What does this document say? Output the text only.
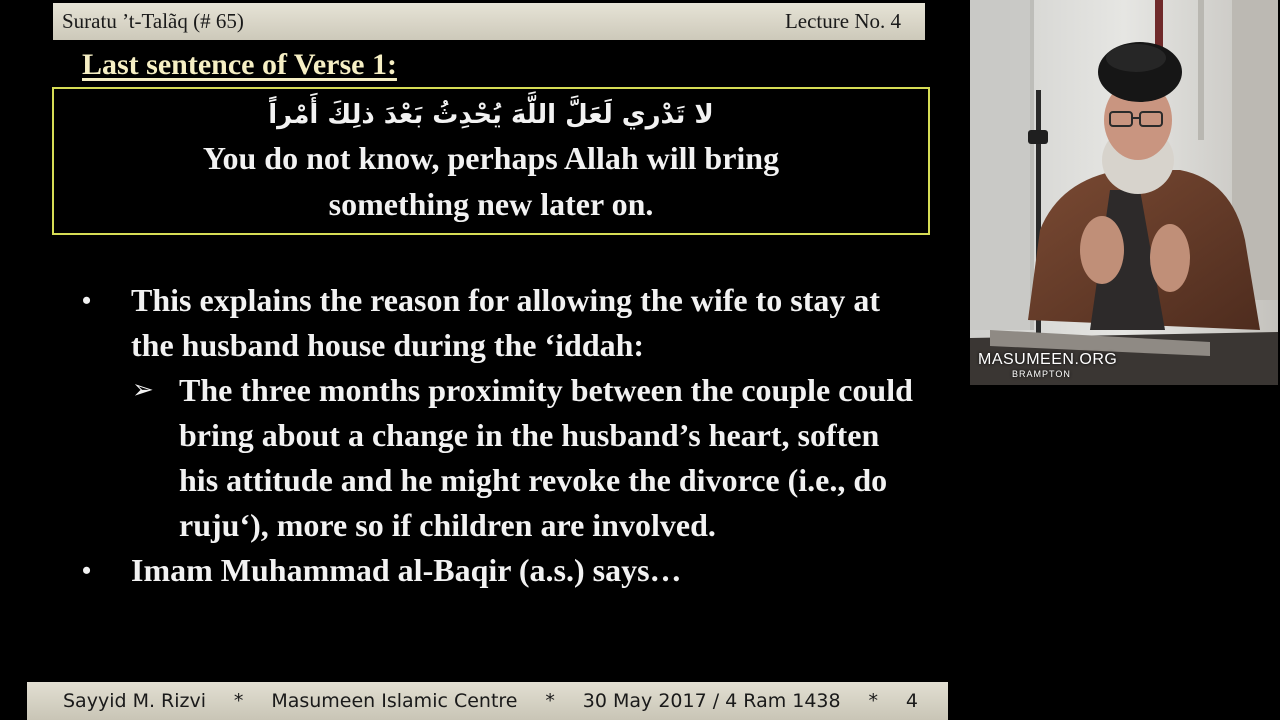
Suratu ’t-Talãq (# 65)	Lecture No. 4
Last sentence of Verse 1:
لا تَدْري لَعَلَّ اللَّهَ يُحْدِثُ بَعْدَ ذلِكَ أَمْراً
You do not know, perhaps Allah will bring something new later on.
• This explains the reason for allowing the wife to stay at the husband house during the ‘iddah:
➢ The three months proximity between the couple could bring about a change in the husband’s heart, soften his attitude and he might revoke the divorce (i.e., do ruju‘), more so if children are involved.
• Imam Muhammad al-Baqir (a.s.) says…
Sayyid M. Rizvi * Masumeen Islamic Centre * 30 May 2017 / 4 Ram 1438 * 4
MASUMEEN.ORG
BRAMPTON
